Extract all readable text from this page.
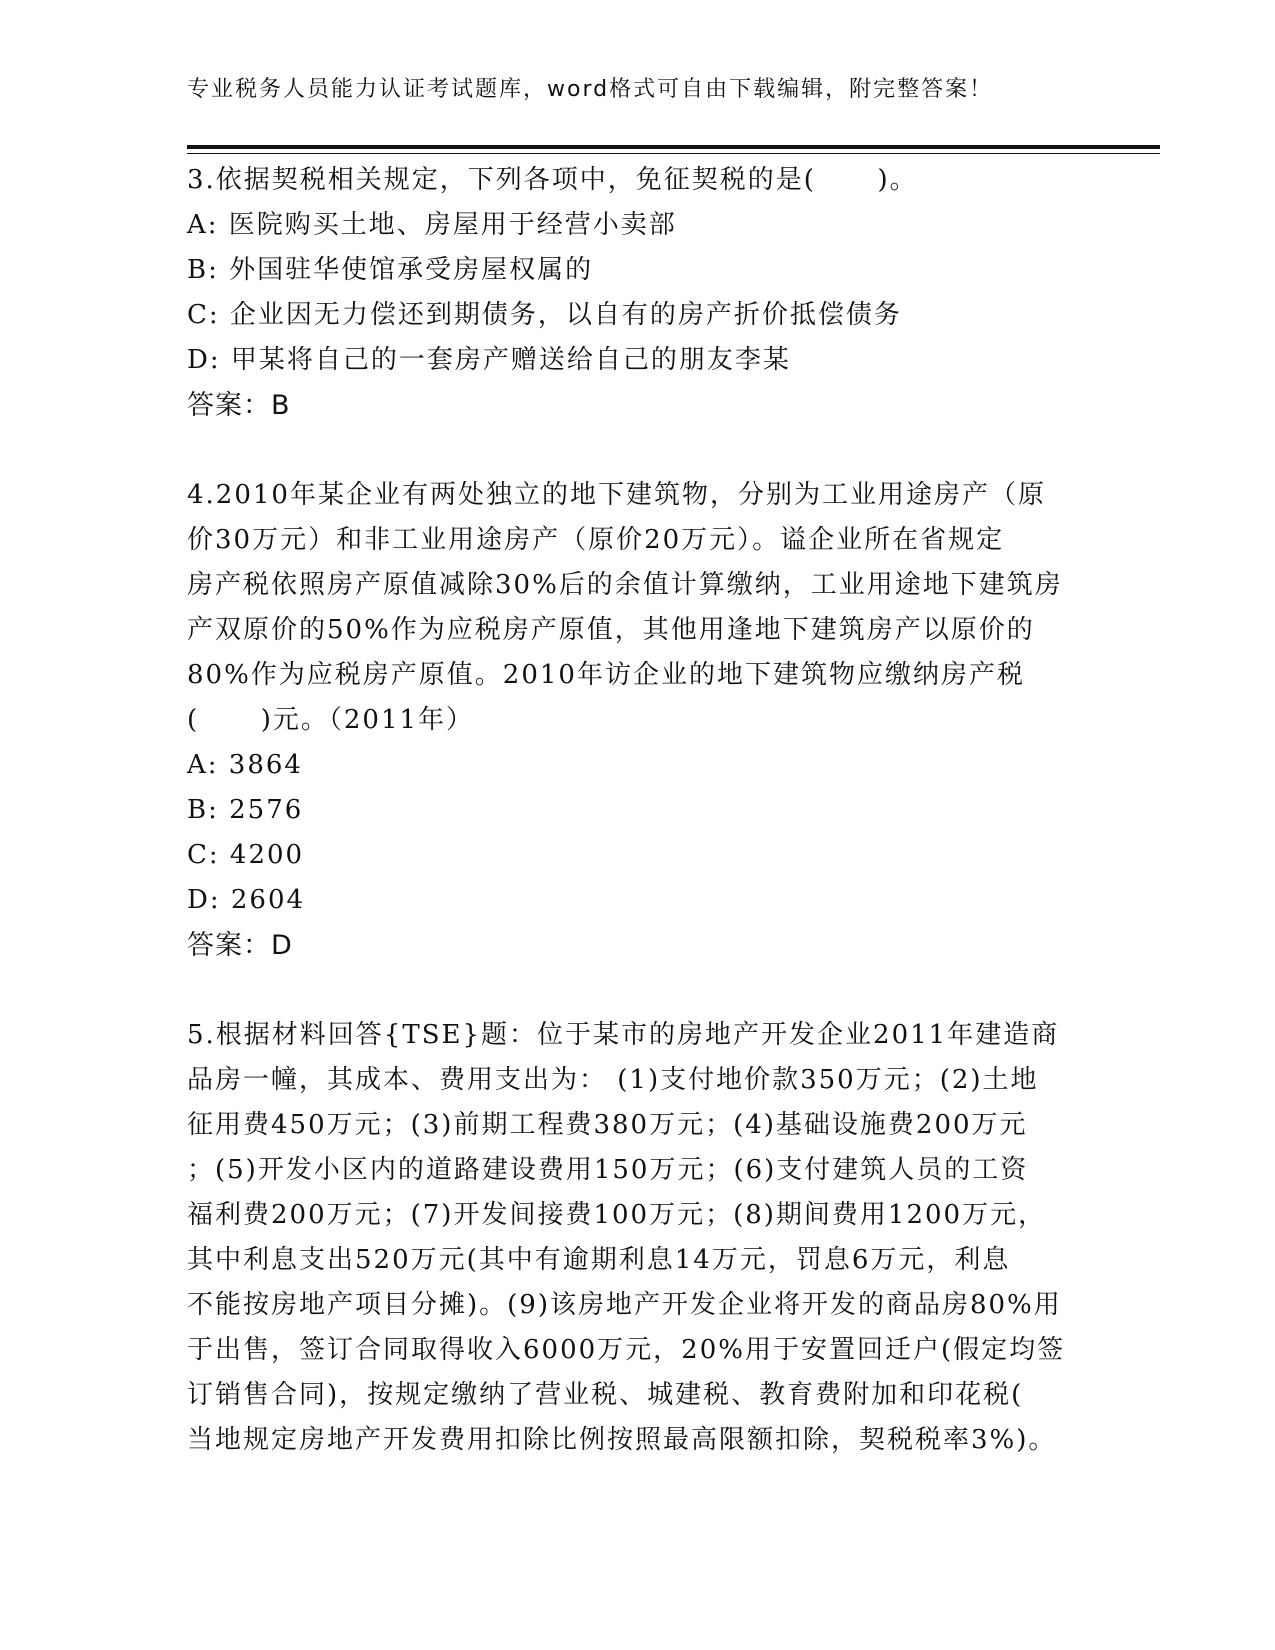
专业税务人员能力认证考试题库，word格式可自由下载编辑，附完整答案！
3.依据契税相关规定，下列各项中，免征契税的是(      )。
A: 医院购买土地、房屋用于经营小卖部
B: 外国驻华使馆承受房屋权属的
C: 企业因无力偿还到期债务，以自有的房产折价抵偿债务
D: 甲某将自己的一套房产赠送给自己的朋友李某
答案：B
4.2010年某企业有两处独立的地下建筑物，分别为工业用途房产（原
价30万元）和非工业用途房产（原价20万元）。谥企业所在省规定
房产税依照房产原值减除30%后的余值计算缴纳，工业用途地下建筑房
产双原价的50%作为应税房产原值，其他用逢地下建筑房产以原价的
80%作为应税房产原值。2010年访企业的地下建筑物应缴纳房产税
(      )元。（2011年）
A: 3864
B: 2576
C: 4200
D: 2604
答案：D
5.根据材料回答{TSE}题：位于某市的房地产开发企业2011年建造商
品房一幢，其成本、费用支出为： (1)支付地价款350万元；(2)土地
征用费450万元；(3)前期工程费380万元；(4)基础设施费200万元
；(5)开发小区内的道路建设费用150万元；(6)支付建筑人员的工资
福利费200万元；(7)开发间接费100万元；(8)期间费用1200万元，
其中利息支出520万元(其中有逾期利息14万元，罚息6万元，利息
不能按房地产项目分摊)。(9)该房地产开发企业将开发的商品房80%用
于出售，签订合同取得收入6000万元，20%用于安置回迁户(假定均签
订销售合同)，按规定缴纳了营业税、城建税、教育费附加和印花税(
当地规定房地产开发费用扣除比例按照最高限额扣除，契税税率3%)。
